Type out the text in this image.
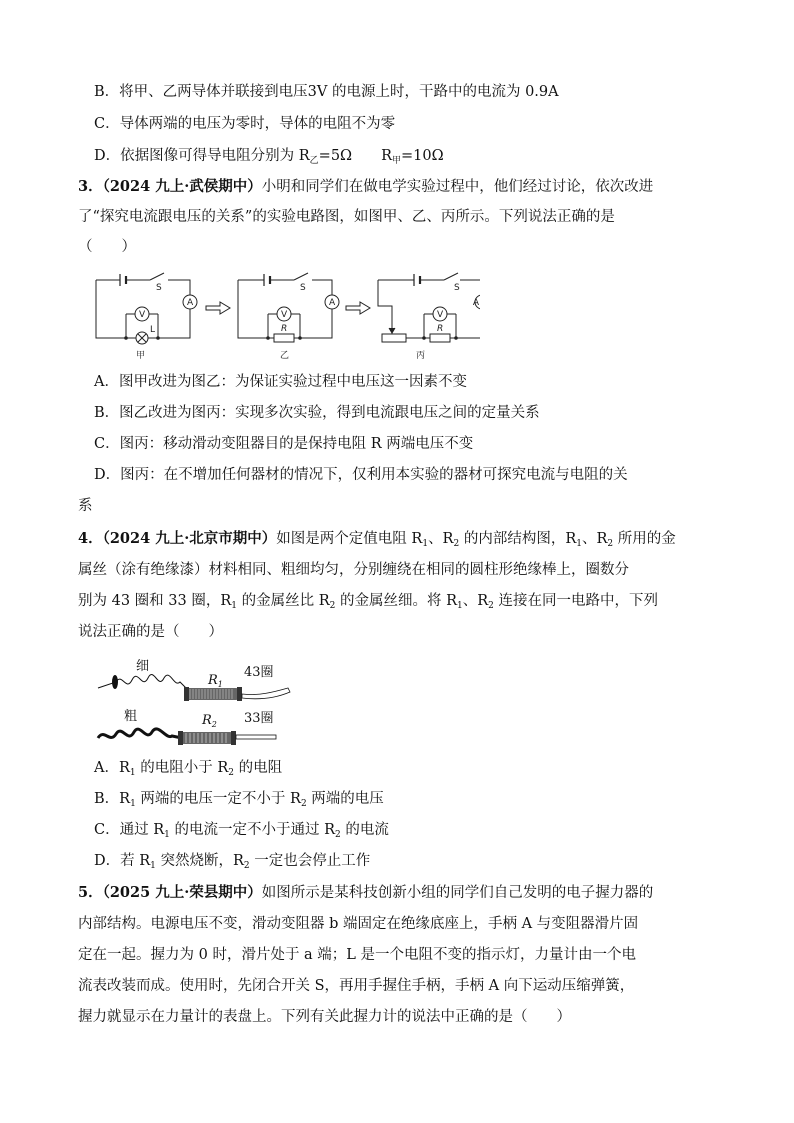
B．将甲、乙两导体并联接到电压3V 的电源上时，干路中的电流为 0.9A
C．导体两端的电压为零时，导体的电阻不为零
D．依据图像可得导电阻分别为 $R_乙=5\Omega$　　$R_甲=10\Omega$
3．（2024 九上·武侯期中）小明和同学们在做电学实验过程中，他们经过讨论，依次改进
了“探究电流跟电压的关系”的实验电路图，如图甲、乙、丙所示。下列说法正确的是
（　　）
S
A
V
L
甲
S
A
V
R
乙
S
A
V
R
丙
A．图甲改进为图乙：为保证实验过程中电压这一因素不变
B．图乙改进为图丙：实现多次实验，得到电流跟电压之间的定量关系
C．图丙：移动滑动变阻器目的是保持电阻 R 两端电压不变
D．图丙：在不增加任何器材的情况下，仅利用本实验的器材可探究电流与电阻的关
系
4．（2024 九上·北京市期中）如图是两个定值电阻 $R_1$、$R_2$ 的内部结构图，$R_1$、$R_2$ 所用的金
属丝（涂有绝缘漆）材料相同、粗细均匀，分别缠绕在相同的圆柱形绝缘棒上，圈数分
别为 43 圈和 33 圈，$R_1$ 的金属丝比 $R_2$ 的金属丝细。将 $R_1$、$R_2$ 连接在同一电路中，下列
说法正确的是（　　）
细
粗
$R_1$
$R_2$
43圈
33圈
A．$R_1$ 的电阻小于 $R_2$ 的电阻
B．$R_1$ 两端的电压一定不小于 $R_2$ 两端的电压
C．通过 $R_1$ 的电流一定不小于通过 $R_2$ 的电流
D．若 $R_1$ 突然烧断，$R_2$ 一定也会停止工作
5．（2025 九上·荣县期中）如图所示是某科技创新小组的同学们自己发明的电子握力器的
内部结构。电源电压不变，滑动变阻器 b 端固定在绝缘底座上，手柄 A 与变阻器滑片固
定在一起。握力为 0 时，滑片处于 a 端；L 是一个电阻不变的指示灯，力量计由一个电
流表改装而成。使用时，先闭合开关 S，再用手握住手柄，手柄 A 向下运动压缩弹簧，
握力就显示在力量计的表盘上。下列有关此握力计的说法中正确的是（　　）
